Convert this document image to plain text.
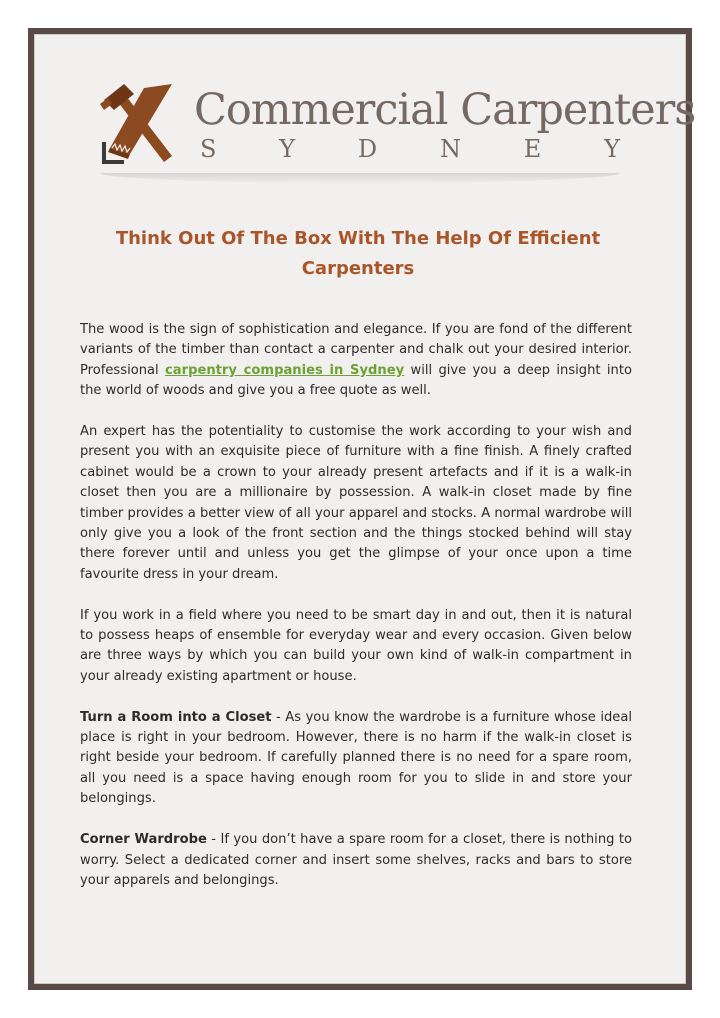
Commercial Carpenters
S	Y	D	N	E	Y
Think Out Of The Box With The Help Of Efficient Carpenters

The wood is the sign of sophistication and elegance. If you are fond of the different variants of the timber than contact a carpenter and chalk out your desired interior. Professional carpentry companies in Sydney will give you a deep insight into the world of woods and give you a free quote as well.

An expert has the potentiality to customise the work according to your wish and present you with an exquisite piece of furniture with a fine finish. A finely crafted cabinet would be a crown to your already present artefacts and if it is a walk-in closet then you are a millionaire by possession. A walk-in closet made by fine timber provides a better view of all your apparel and stocks. A normal wardrobe will only give you a look of the front section and the things stocked behind will stay there forever until and unless you get the glimpse of your once upon a time favourite dress in your dream.

If you work in a field where you need to be smart day in and out, then it is natural to possess heaps of ensemble for everyday wear and every occasion. Given below are three ways by which you can build your own kind of walk-in compartment in your already existing apartment or house.

Turn a Room into a Closet - As you know the wardrobe is a furniture whose ideal place is right in your bedroom. However, there is no harm if the walk-in closet is right beside your bedroom. If carefully planned there is no need for a spare room, all you need is a space having enough room for you to slide in and store your belongings.

Corner Wardrobe - If you don’t have a spare room for a closet, there is nothing to worry. Select a dedicated corner and insert some shelves, racks and bars to store your apparels and belongings.
